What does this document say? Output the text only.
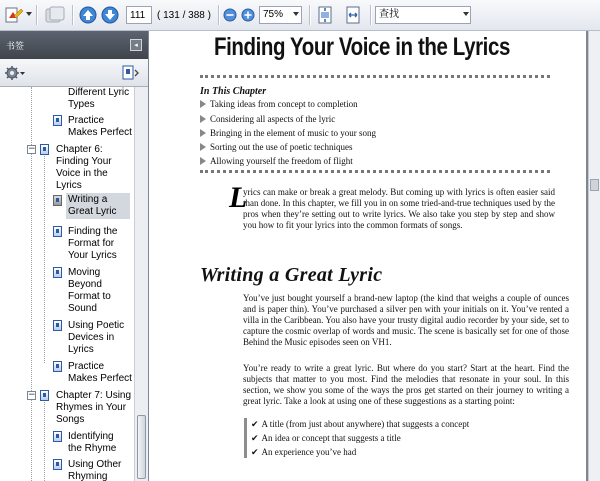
111
( 131 / 388 )	75%	查找
书签	◂
Different Lyric Types
Practice Makes Perfect
− Chapter 6: Finding Your Voice in the Lyrics
Writing a Great Lyric
Finding the Format for Your Lyrics
Moving Beyond Format to Sound
Using Poetic Devices in Lyrics
Practice Makes Perfect
− Chapter 7: Using Rhymes in Your Songs
Identifying the Rhyme
Using Other Rhyming
Finding Your Voice in the Lyrics
In This Chapter
Taking ideas from concept to completion
Considering all aspects of the lyric
Bringing in the element of music to your song
Sorting out the use of poetic techniques
Allowing yourself the freedom of flight
L
yrics can make or break a great melody. But coming up with lyrics is often easier said than done. In this chapter, we fill you in on some tried-and-true techniques used by the pros when they’re setting out to write lyrics. We also take you step by step and show you how to fit your lyrics into the common formats of songs.
Writing a Great Lyric
You’ve just bought yourself a brand-new laptop (the kind that weighs a couple of ounces and is paper thin). You’ve purchased a silver pen with your initials on it. You’ve rented a villa in the Caribbean. You also have your trusty digital audio recorder by your side, set to capture the cosmic overlap of words and music. The scene is basically set for one of those Behind the Music episodes seen on VH1.
You’re ready to write a great lyric. But where do you start? Start at the heart. Find the subjects that matter to you most. Find the melodies that resonate in your soul. In this section, we show you some of the ways the pros get started on their journey to writing a great lyric. Take a look at using one of these suggestions as a starting point:
✔ A title (from just about anywhere) that suggests a concept
✔ An idea or concept that suggests a title
✔ An experience you’ve had
